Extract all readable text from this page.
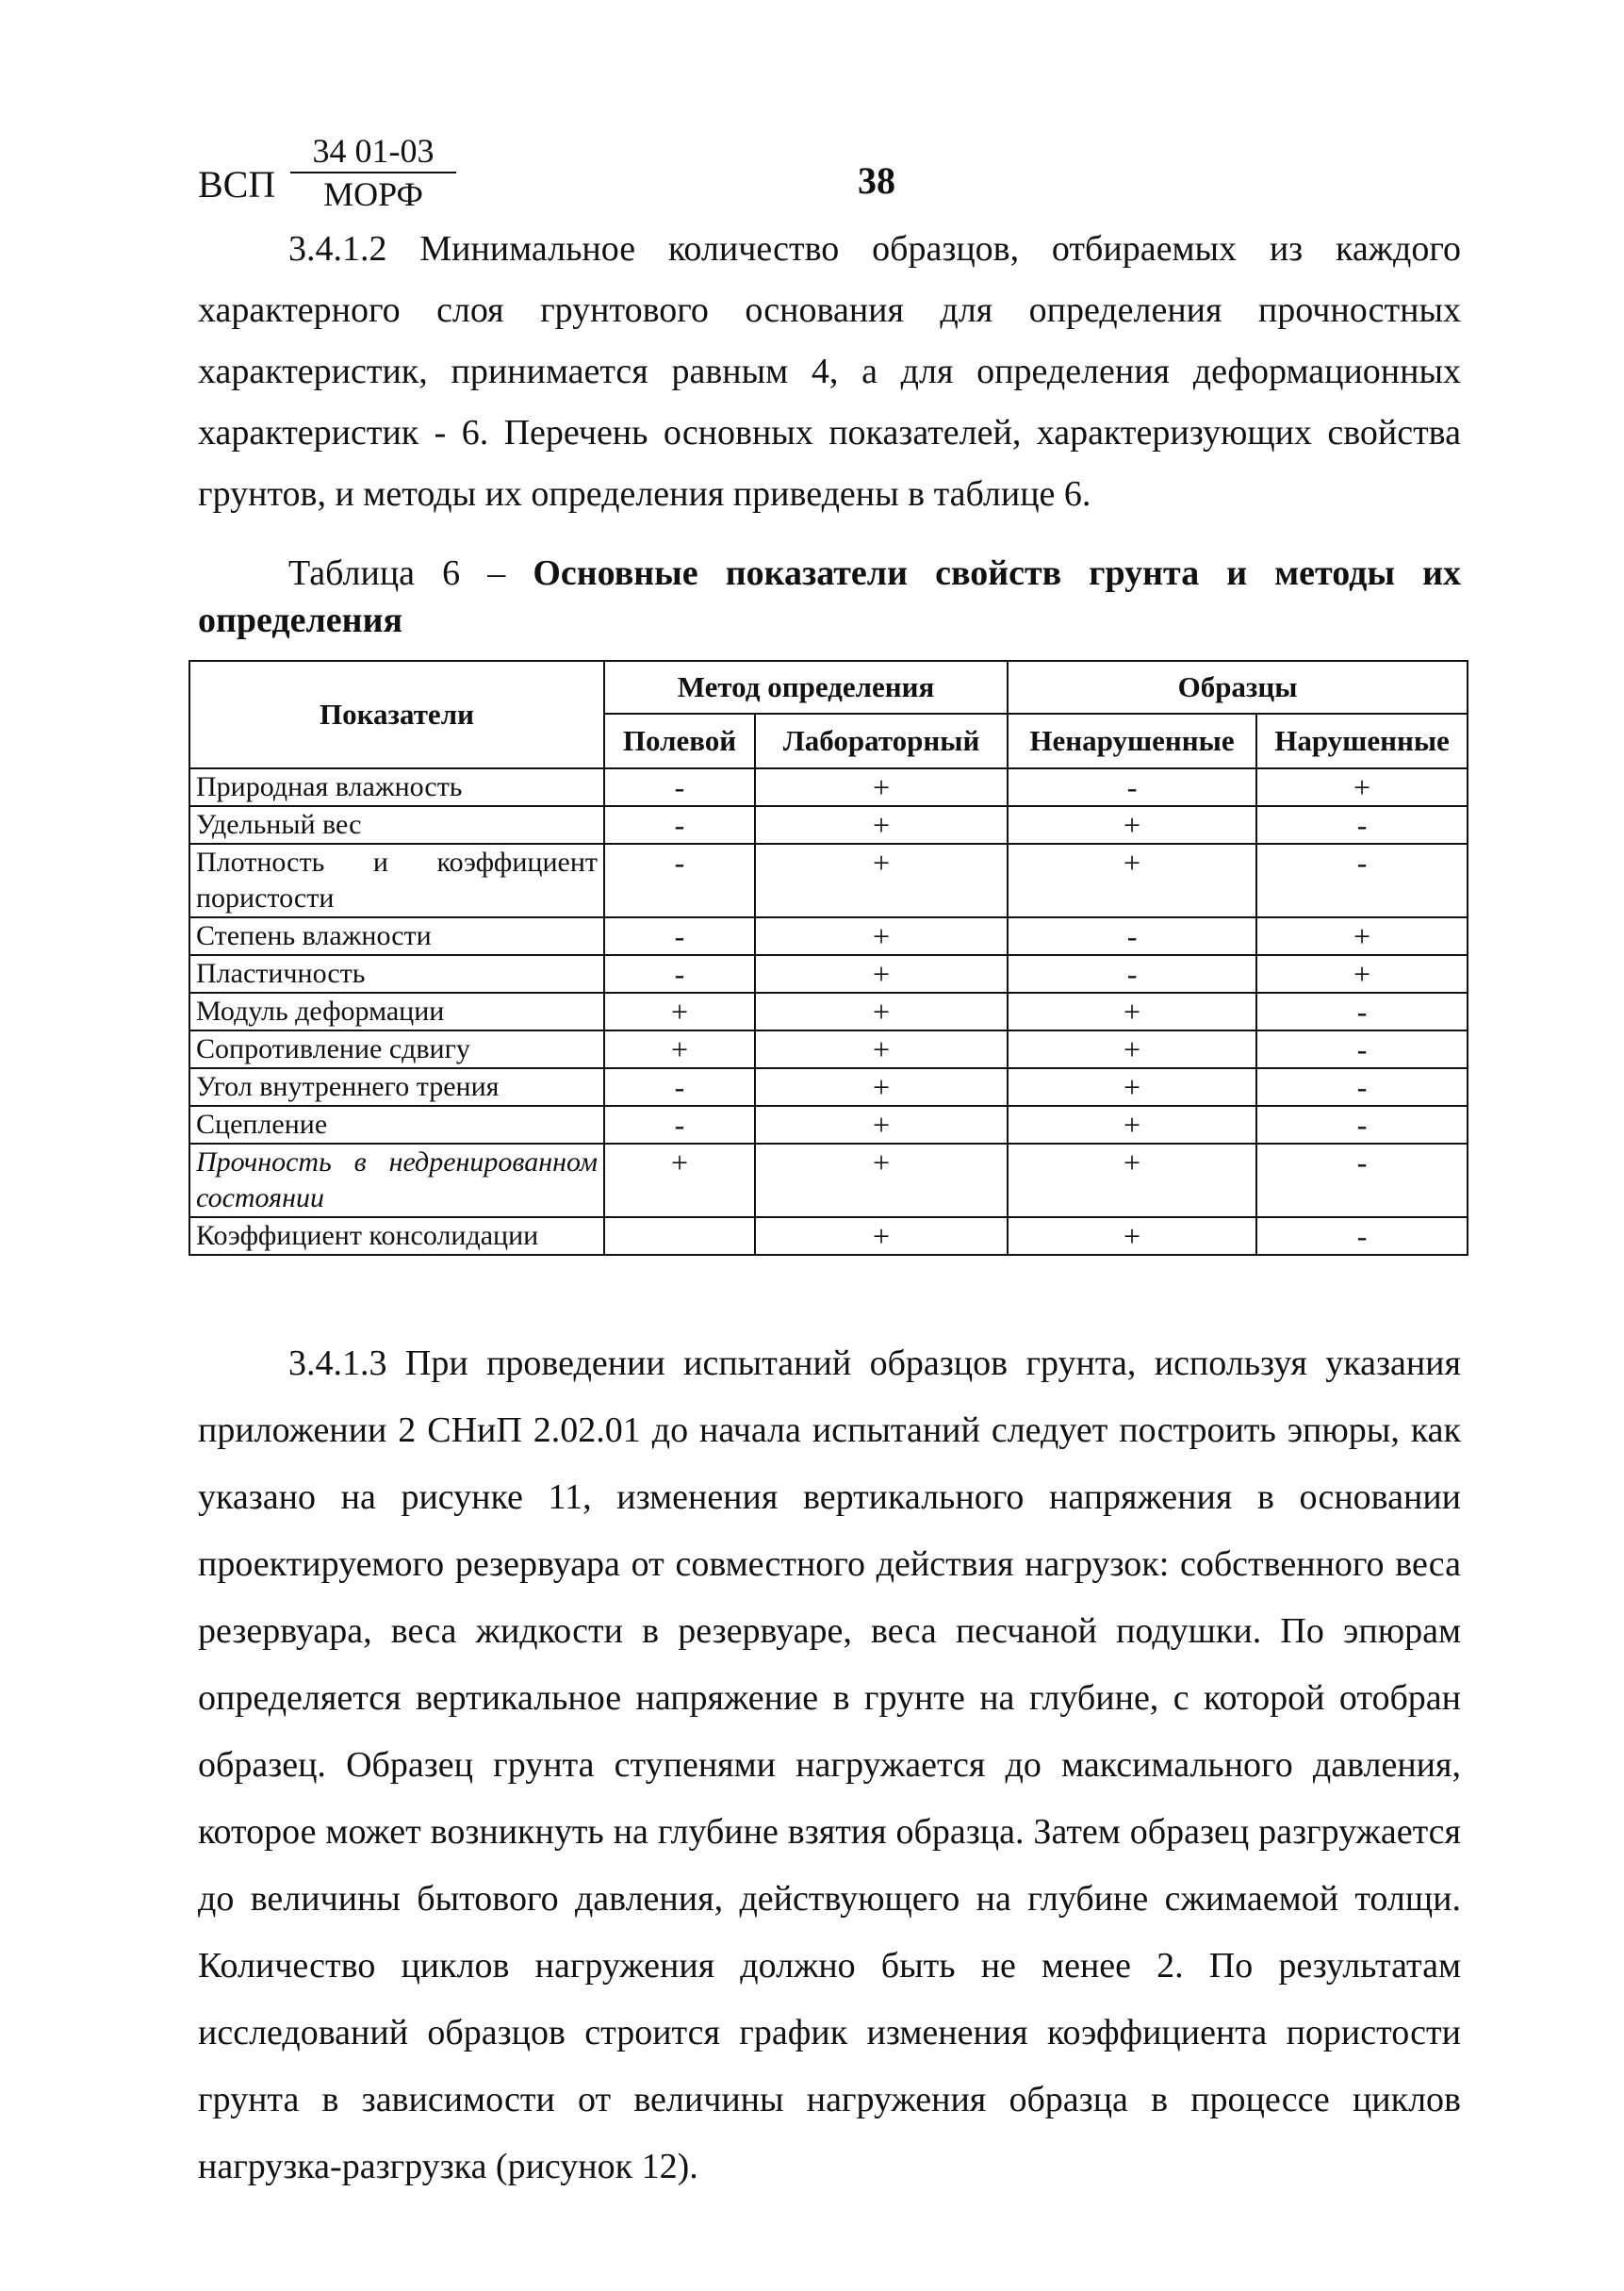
ВСП
34 01-03
МОРФ	38

3.4.1.2 Минимальное количество образцов, отбираемых из каждого характерного слоя грунтового основания для определения прочностных характеристик, принимается равным 4, а для определения деформационных характеристик - 6. Перечень основных показателей, характеризующих свойства грунтов, и методы их определения приведены в таблице 6.

Таблица 6 – Основные показатели свойств грунта и методы их определения

Показатели	Метод определения		Образцы	
	Полевой	Лабораторный	Ненарушенные	Нарушенные
Природная влажность	-	+	-	+
Удельный вес	-	+	+	-
Плотность и коэффициент пористости	-	+	+	-
Степень влажности	-	+	-	+
Пластичность	-	+	-	+
Модуль деформации	+	+	+	-
Сопротивление сдвигу	+	+	+	-
Угол внутреннего трения	-	+	+	-
Сцепление	-	+	+	-
Прочность в недренированном состоянии	+	+	+	-
Коэффициент консолидации		+	+	-

3.4.1.3 При проведении испытаний образцов грунта, используя указания приложении 2 СНиП 2.02.01 до начала испытаний следует построить эпюры, как указано на рисунке 11, изменения вертикального напряжения в основании проектируемого резервуара от совместного действия нагрузок: собственного веса резервуара, веса жидкости в резервуаре, веса песчаной подушки. По эпюрам определяется вертикальное напряжение в грунте на глубине, с которой отобран образец. Образец грунта ступенями нагружается до максимального давления, которое может возникнуть на глубине взятия образца. Затем образец разгружается до величины бытового давления, действующего на глубине сжимаемой толщи. Количество циклов нагружения должно быть не менее 2. По результатам исследований образцов строится график изменения коэффициента пористости грунта в зависимости от величины нагружения образца в процессе циклов нагрузка-разгрузка (рисунок 12).
